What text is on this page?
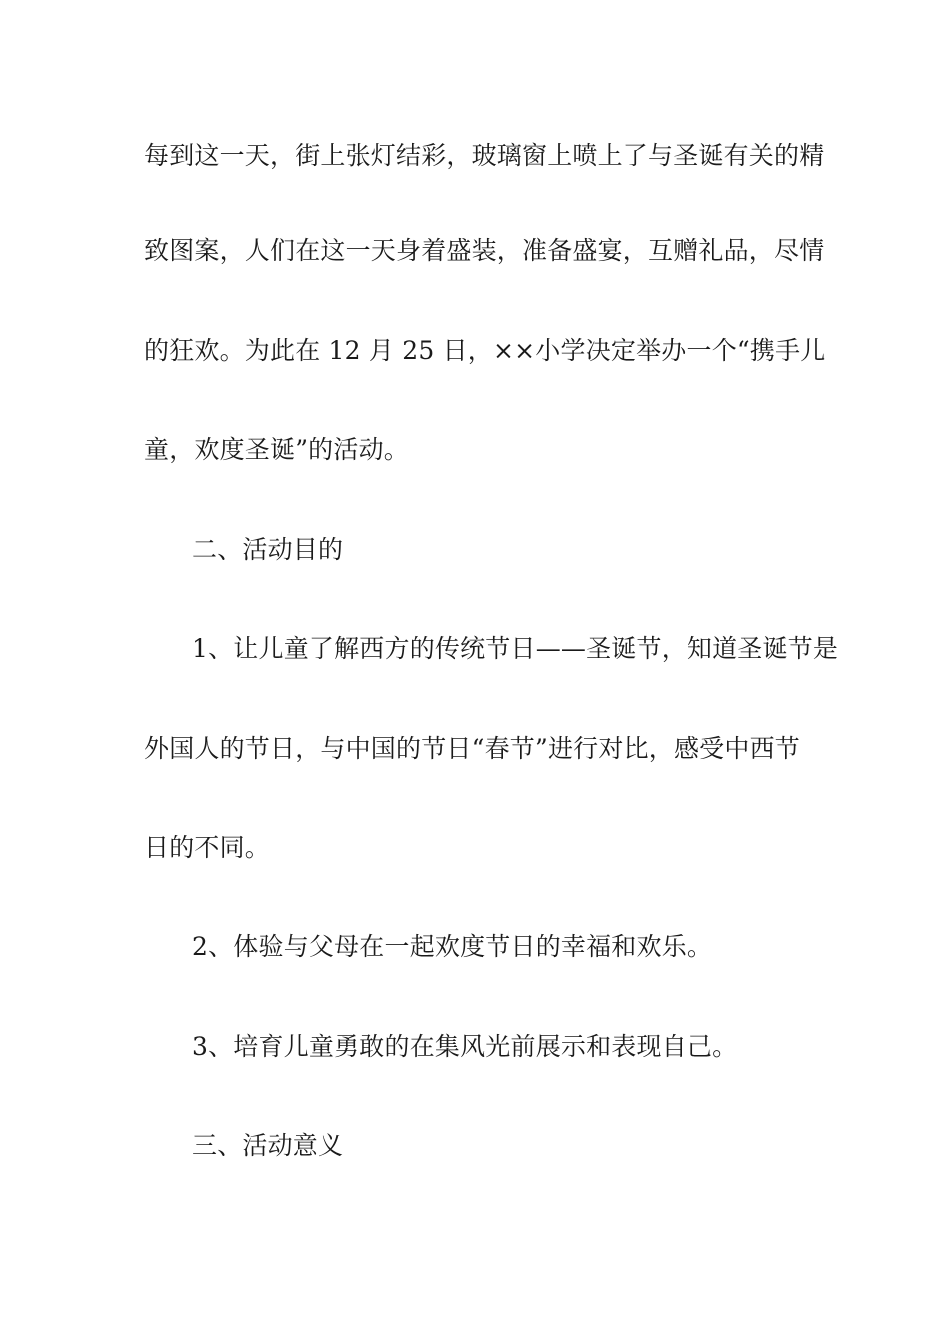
每到这一天，街上张灯结彩，玻璃窗上喷上了与圣诞有关的精
致图案，人们在这一天身着盛装，准备盛宴，互赠礼品，尽情
的狂欢。为此在 12 月 25 日，××小学决定举办一个“携手儿
童，欢度圣诞”的活动。
二、活动目的
1、让儿童了解西方的传统节日——圣诞节，知道圣诞节是
外国人的节日，与中国的节日“春节”进行对比，感受中西节
日的不同。
2、体验与父母在一起欢度节日的幸福和欢乐。
3、培育儿童勇敢的在集风光前展示和表现自己。
三、活动意义
